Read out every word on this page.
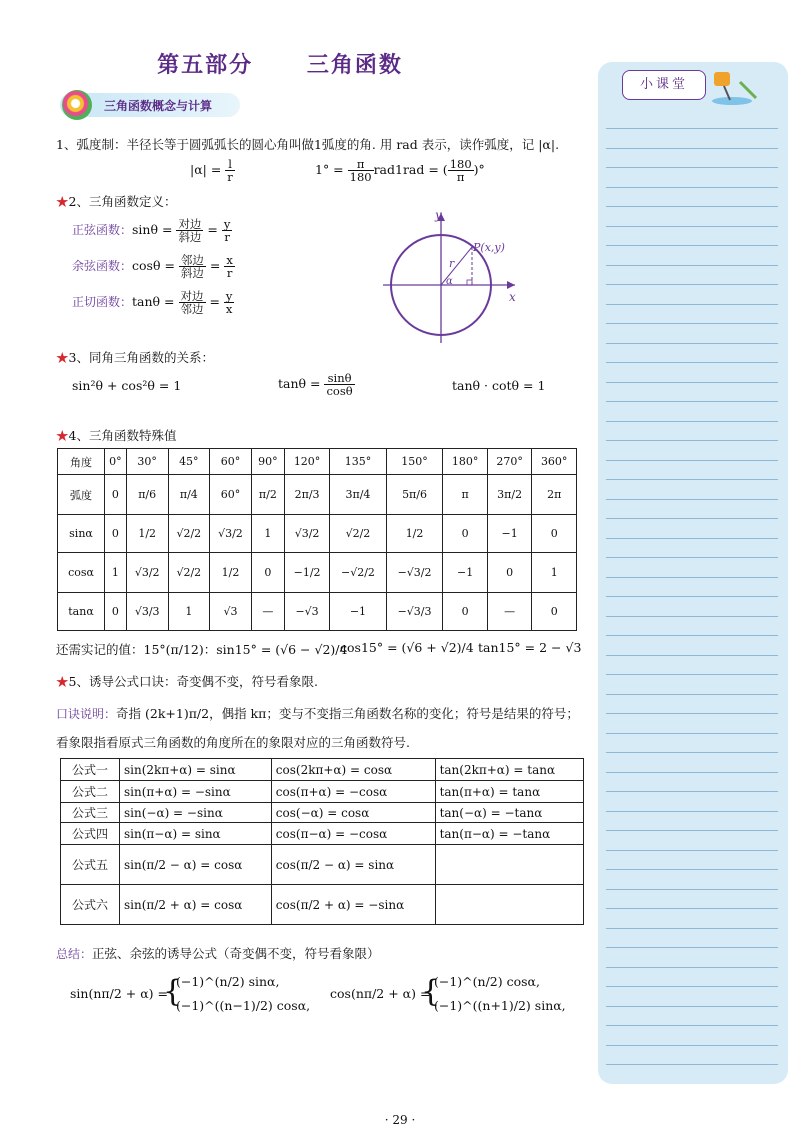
第五部分 三角函数
三角函数概念与计算
1、弧度制：半径长等于圆弧弧长的圆心角叫做1弧度的角. 用 rad 表示，读作弧度，记 |α|.
$|\alpha| = \frac{l}{r}$	$1^\circ = \frac{\pi}{180} rad1rad$ = ( $\frac{180}{\pi}$ )°
★2、三角函数定义：
正弦函数：$\sin\theta = \frac{\text{对边}}{\text{斜边}} = \frac{y}{r}$
余弦函数：$\cos\theta = \frac{\text{邻边}}{\text{斜边}} = \frac{x}{r}$
正切函数：$\tan\theta = \frac{\text{对边}}{\text{邻边}} = \frac{y}{x}$
y
x
P(x,y)
r
α
★3、同角三角函数的关系：
sin²θ + cos²θ = 1	$\tan\theta = \frac{\sin\theta}{\cos\theta}$	tanθ · cotθ = 1
★4、三角函数特殊值
角度	0°	30°	45°	60°	90°	120°	135°	150°	180°	270°	360°
弧度	0	π/6	π/4	60°	π/2	2π/3	3π/4	5π/6	π	3π/2	2π
sinα	0	1/2	√2/2	√3/2	1	√3/2	√2/2	1/2	0	−1	0
cosα	1	√3/2	√2/2	1/2	0	−1/2	−√2/2	−√3/2	−1	0	1
tanα	0	√3/3	1	√3	—	−√3	−1	−√3/3	0	—	0
还需实记的值：15°(π/12)：sin15° = (√6 − √2)/4
cos15° = (√6 + √2)/4 tan15° = 2 − √3
★5、诱导公式口诀：奇变偶不变，符号看象限.
口诀说明：奇指 (2k+1)π/2，偶指 kπ；变与不变指三角函数名称的变化；符号是结果的符号；
看象限指看原式三角函数的角度所在的象限对应的三角函数符号.
公式一	sin(2kπ+α) = sinα	cos(2kπ+α) = cosα	tan(2kπ+α) = tanα
公式二	sin(π+α) = −sinα	cos(π+α) = −cosα	tan(π+α) = tanα
公式三	sin(−α) = −sinα	cos(−α) = cosα	tan(−α) = −tanα
公式四	sin(π−α) = sinα	cos(π−α) = −cosα	tan(π−α) = −tanα
公式五	sin(π/2 − α) = cosα	cos(π/2 − α) = sinα	
公式六	sin(π/2 + α) = cosα	cos(π/2 + α) = −sinα	
总结：正弦、余弦的诱导公式（奇变偶不变，符号看象限）
sin(nπ/2 + α) =
{
(−1)^(n/2) sinα,
(−1)^((n−1)/2) cosα,
cos(nπ/2 + α) =
{
(−1)^(n/2) cosα,
(−1)^((n+1)/2) sinα,
小课堂
· 29 ·
